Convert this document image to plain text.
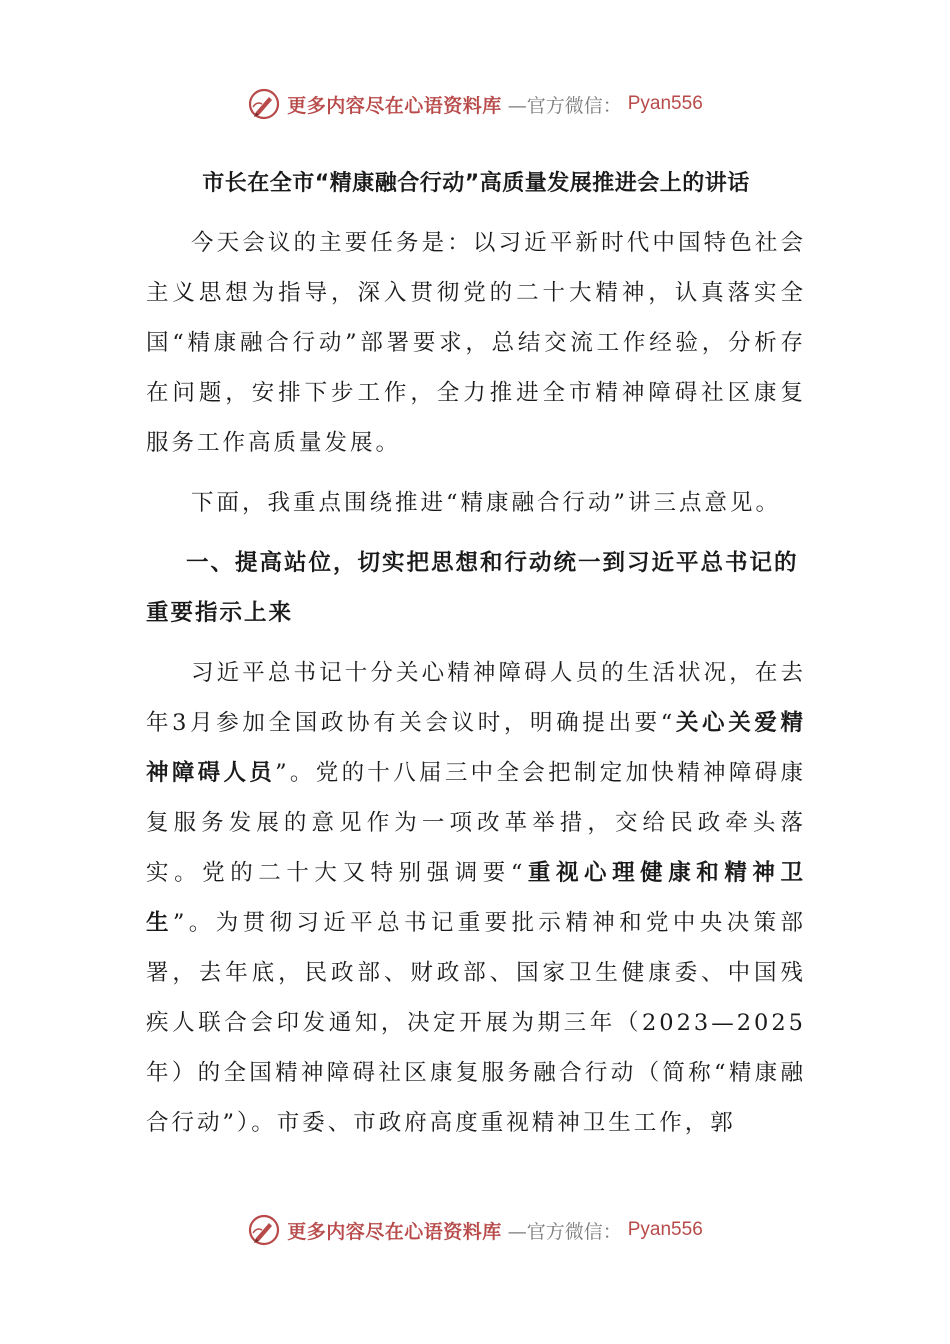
更多内容尽在心语资料库 —官方微信： Pyan556
市长在全市“精康融合行动”高质量发展推进会上的讲话

今天会议的主要任务是：以习近平新时代中国特色社会主义思想为指导，深入贯彻党的二十大精神，认真落实全国“精康融合行动”部署要求，总结交流工作经验，分析存在问题，安排下步工作，全力推进全市精神障碍社区康复服务工作高质量发展。

下面，我重点围绕推进“精康融合行动”讲三点意见。

一、提高站位，切实把思想和行动统一到习近平总书记的重要指示上来

习近平总书记十分关心精神障碍人员的生活状况，在去年3月参加全国政协有关会议时，明确提出要“关心关爱精神障碍人员”。党的十八届三中全会把制定加快精神障碍康复服务发展的意见作为一项改革举措，交给民政牵头落实。党的二十大又特别强调要“重视心理健康和精神卫生”。为贯彻习近平总书记重要批示精神和党中央决策部署，去年底，民政部、财政部、国家卫生健康委、中国残疾人联合会印发通知，决定开展为期三年（2023—2025年）的全国精神障碍社区康复服务融合行动（简称“精康融合行动”）。市委、市政府高度重视精神卫生工作，郭

更多内容尽在心语资料库 —官方微信： Pyan556
